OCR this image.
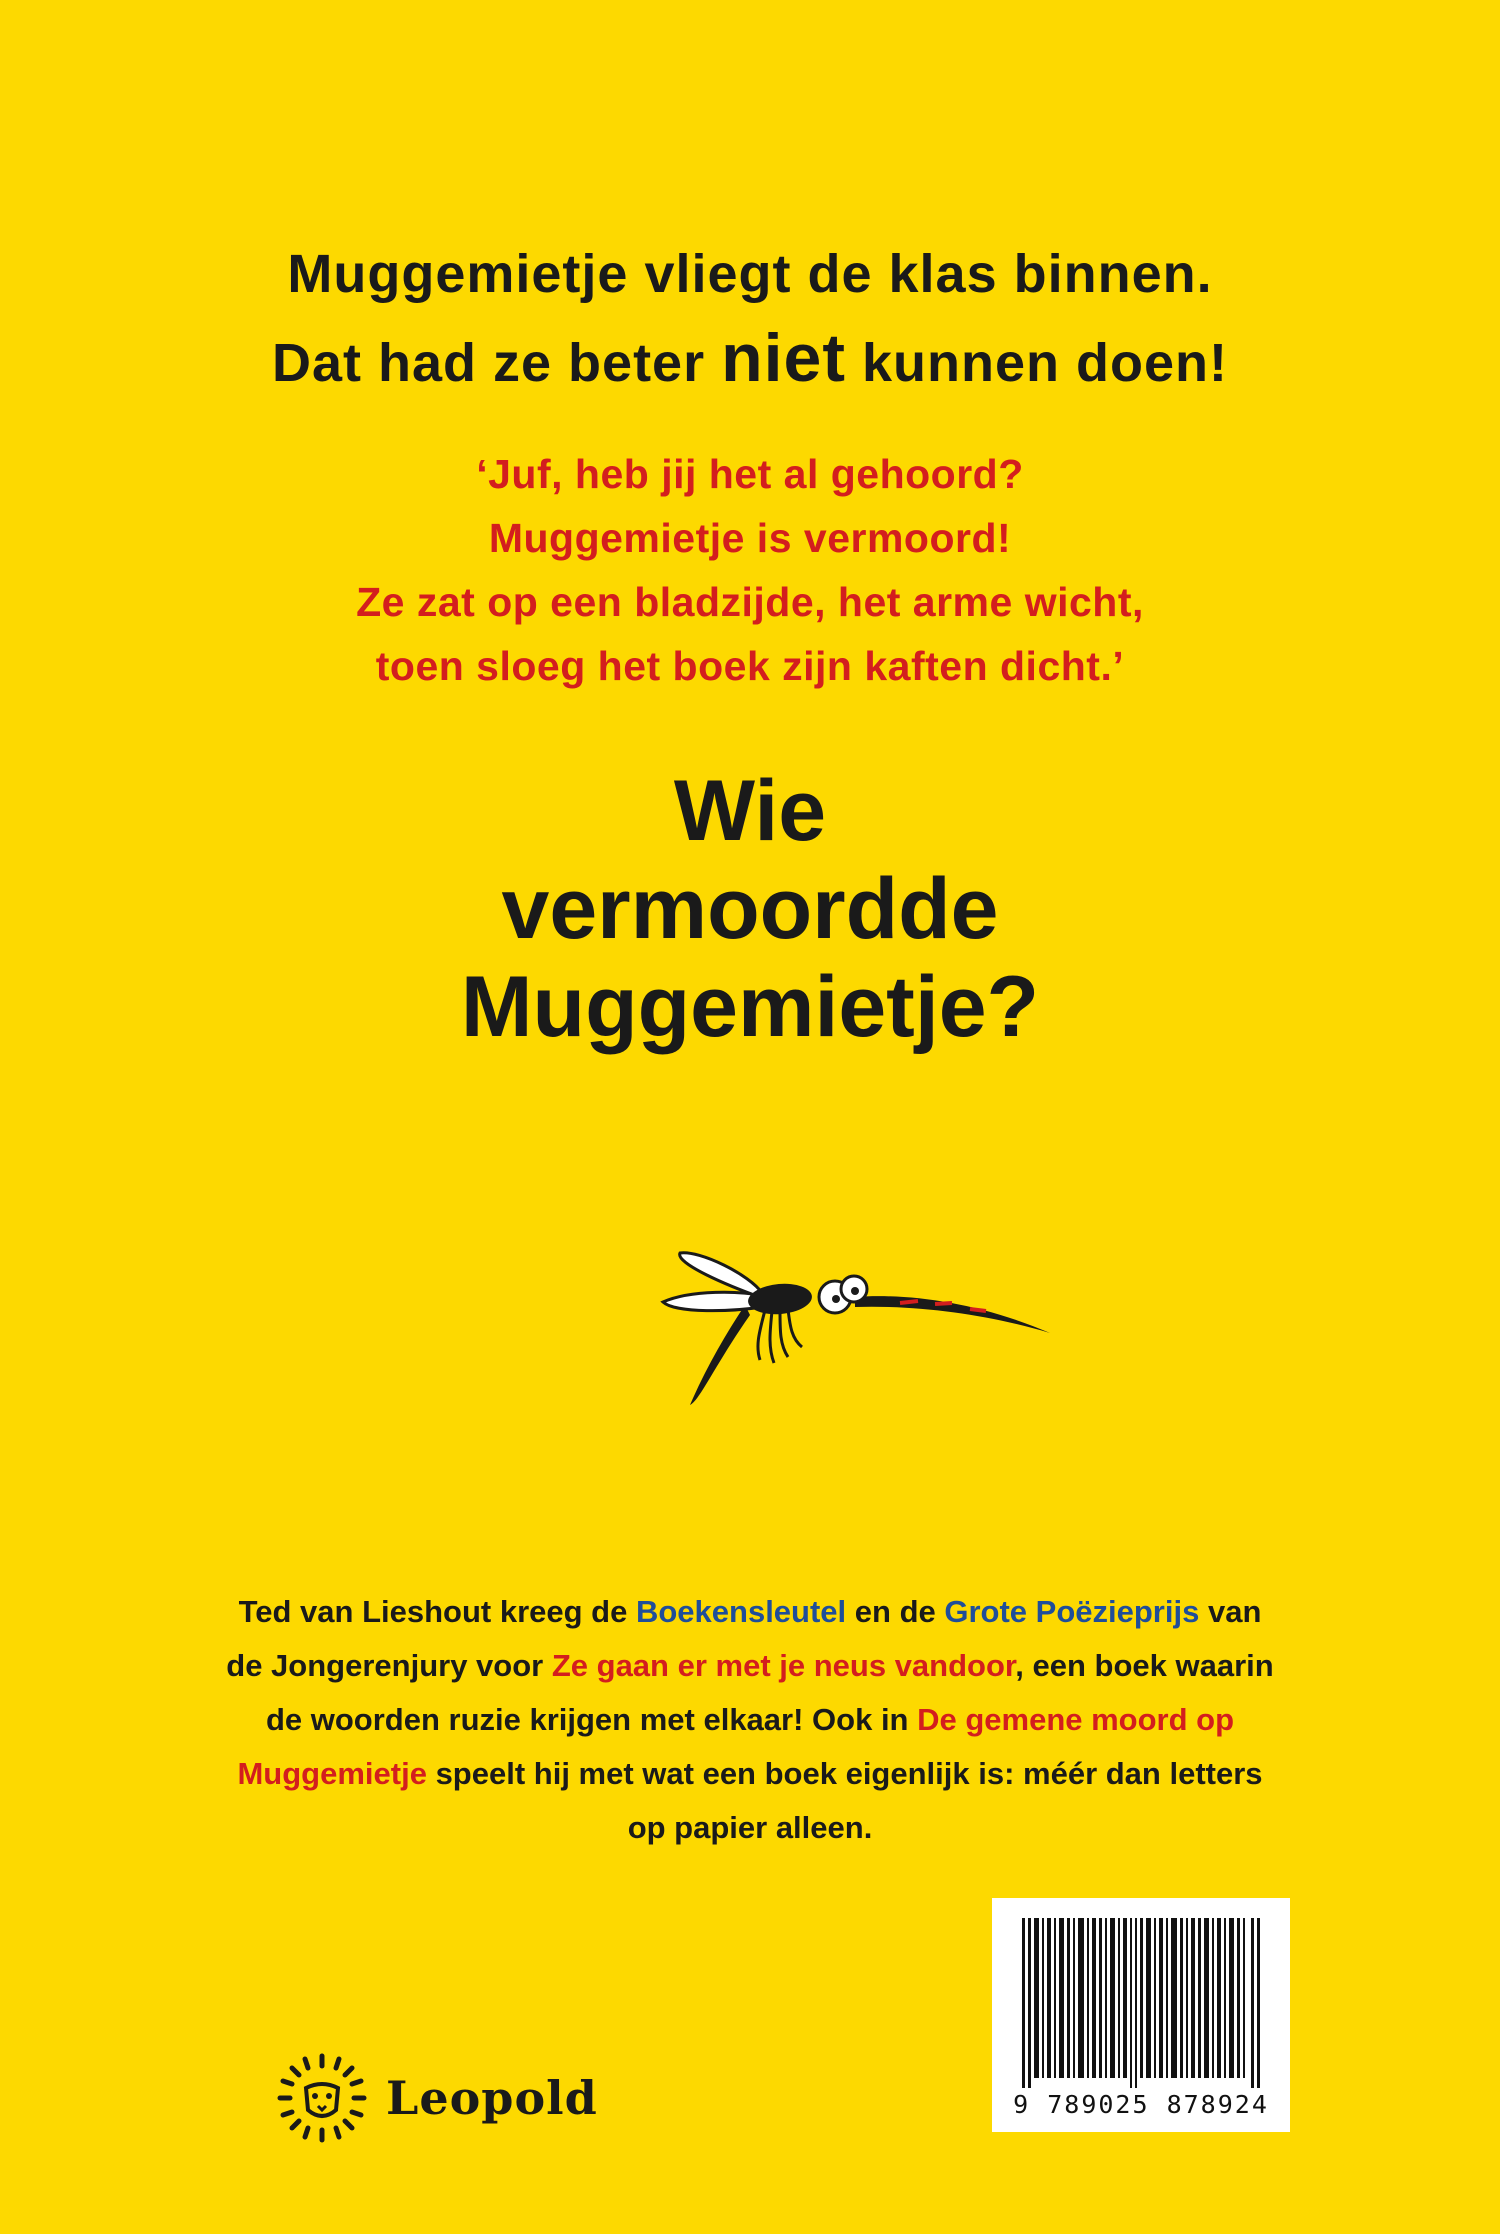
Muggemietje vliegt de klas binnen.
Dat had ze beter niet kunnen doen!
‘Juf, heb jij het al gehoord?
Muggemietje is vermoord!
Ze zat op een bladzijde, het arme wicht,
toen sloeg het boek zijn kaften dicht.’
Wie
vermoordde
Muggemietje?
Ted van Lieshout kreeg de Boekensleutel en de Grote Poëzieprijs van de Jongerenjury voor Ze gaan er met je neus vandoor, een boek waarin de woorden ruzie krijgen met elkaar! Ook in De gemene moord op Muggemietje speelt hij met wat een boek eigenlijk is: méér dan letters op papier alleen.
Leopold	9 789025 878924
